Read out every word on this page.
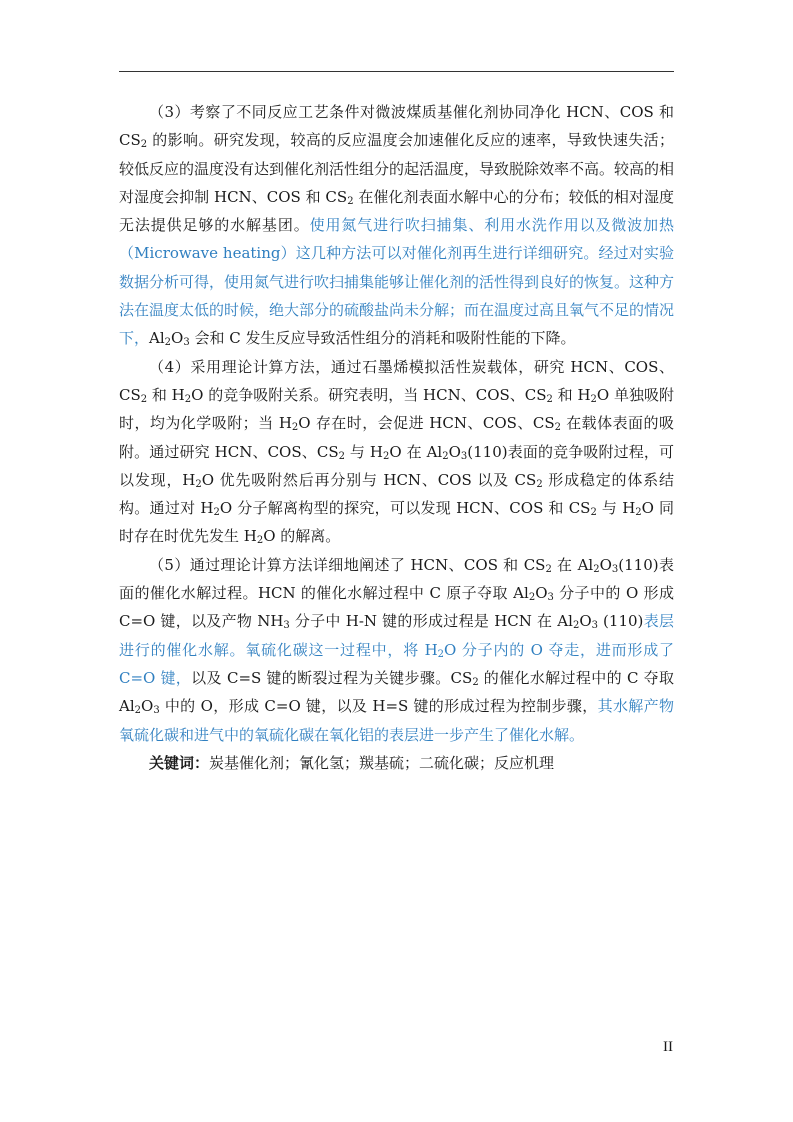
（3）考察了不同反应工艺条件对微波煤质基催化剂协同净化 HCN、COS 和 $CS_2$ 的影响。研究发现，较高的反应温度会加速催化反应的速率，导致快速失活；较低反应的温度没有达到催化剂活性组分的起活温度，导致脱除效率不高。较高的相对湿度会抑制 HCN、COS 和 $CS_2$ 在催化剂表面水解中心的分布；较低的相对湿度无法提供足够的水解基团。使用氮气进行吹扫捕集、利用水洗作用以及微波加热（Microwave heating）这几种方法可以对催化剂再生进行详细研究。经过对实验数据分析可得，使用氮气进行吹扫捕集能够让催化剂的活性得到良好的恢复。这种方法在温度太低的时候，绝大部分的硫酸盐尚未分解；而在温度过高且氧气不足的情况下，$Al_2O_3$ 会和 C 发生反应导致活性组分的消耗和吸附性能的下降。

（4）采用理论计算方法，通过石墨烯模拟活性炭载体，研究 HCN、COS、$CS_2$ 和 $H_2O$ 的竞争吸附关系。研究表明，当 HCN、COS、$CS_2$ 和 $H_2O$ 单独吸附时，均为化学吸附；当 $H_2O$ 存在时，会促进 HCN、COS、$CS_2$ 在载体表面的吸附。通过研究 HCN、COS、$CS_2$ 与 $H_2O$ 在 $Al_2O_3(110)$表面的竞争吸附过程，可以发现，$H_2O$ 优先吸附然后再分别与 HCN、COS 以及 $CS_2$ 形成稳定的体系结构。通过对 $H_2O$ 分子解离构型的探究，可以发现 HCN、COS 和 $CS_2$ 与 $H_2O$ 同时存在时优先发生 $H_2O$ 的解离。

（5）通过理论计算方法详细地阐述了 HCN、COS 和 $CS_2$ 在 $Al_2O_3(110)$表面的催化水解过程。HCN 的催化水解过程中 C 原子夺取 $Al_2O_3$ 分子中的 O 形成 C=O 键，以及产物 $NH_3$ 分子中 H-N 键的形成过程是 HCN 在 $Al_2O_3$ (110)表层进行的催化水解。氧硫化碳这一过程中，将 $H_2O$ 分子内的 O 夺走，进而形成了 C=O 键，以及 C=S 键的断裂过程为关键步骤。$CS_2$ 的催化水解过程中的 C 夺取 $Al_2O_3$ 中的 O，形成 C=O 键，以及 H=S 键的形成过程为控制步骤，其水解产物氧硫化碳和进气中的氧硫化碳在氧化铝的表层进一步产生了催化水解。

关键词：炭基催化剂；氰化氢；羰基硫；二硫化碳；反应机理

II
